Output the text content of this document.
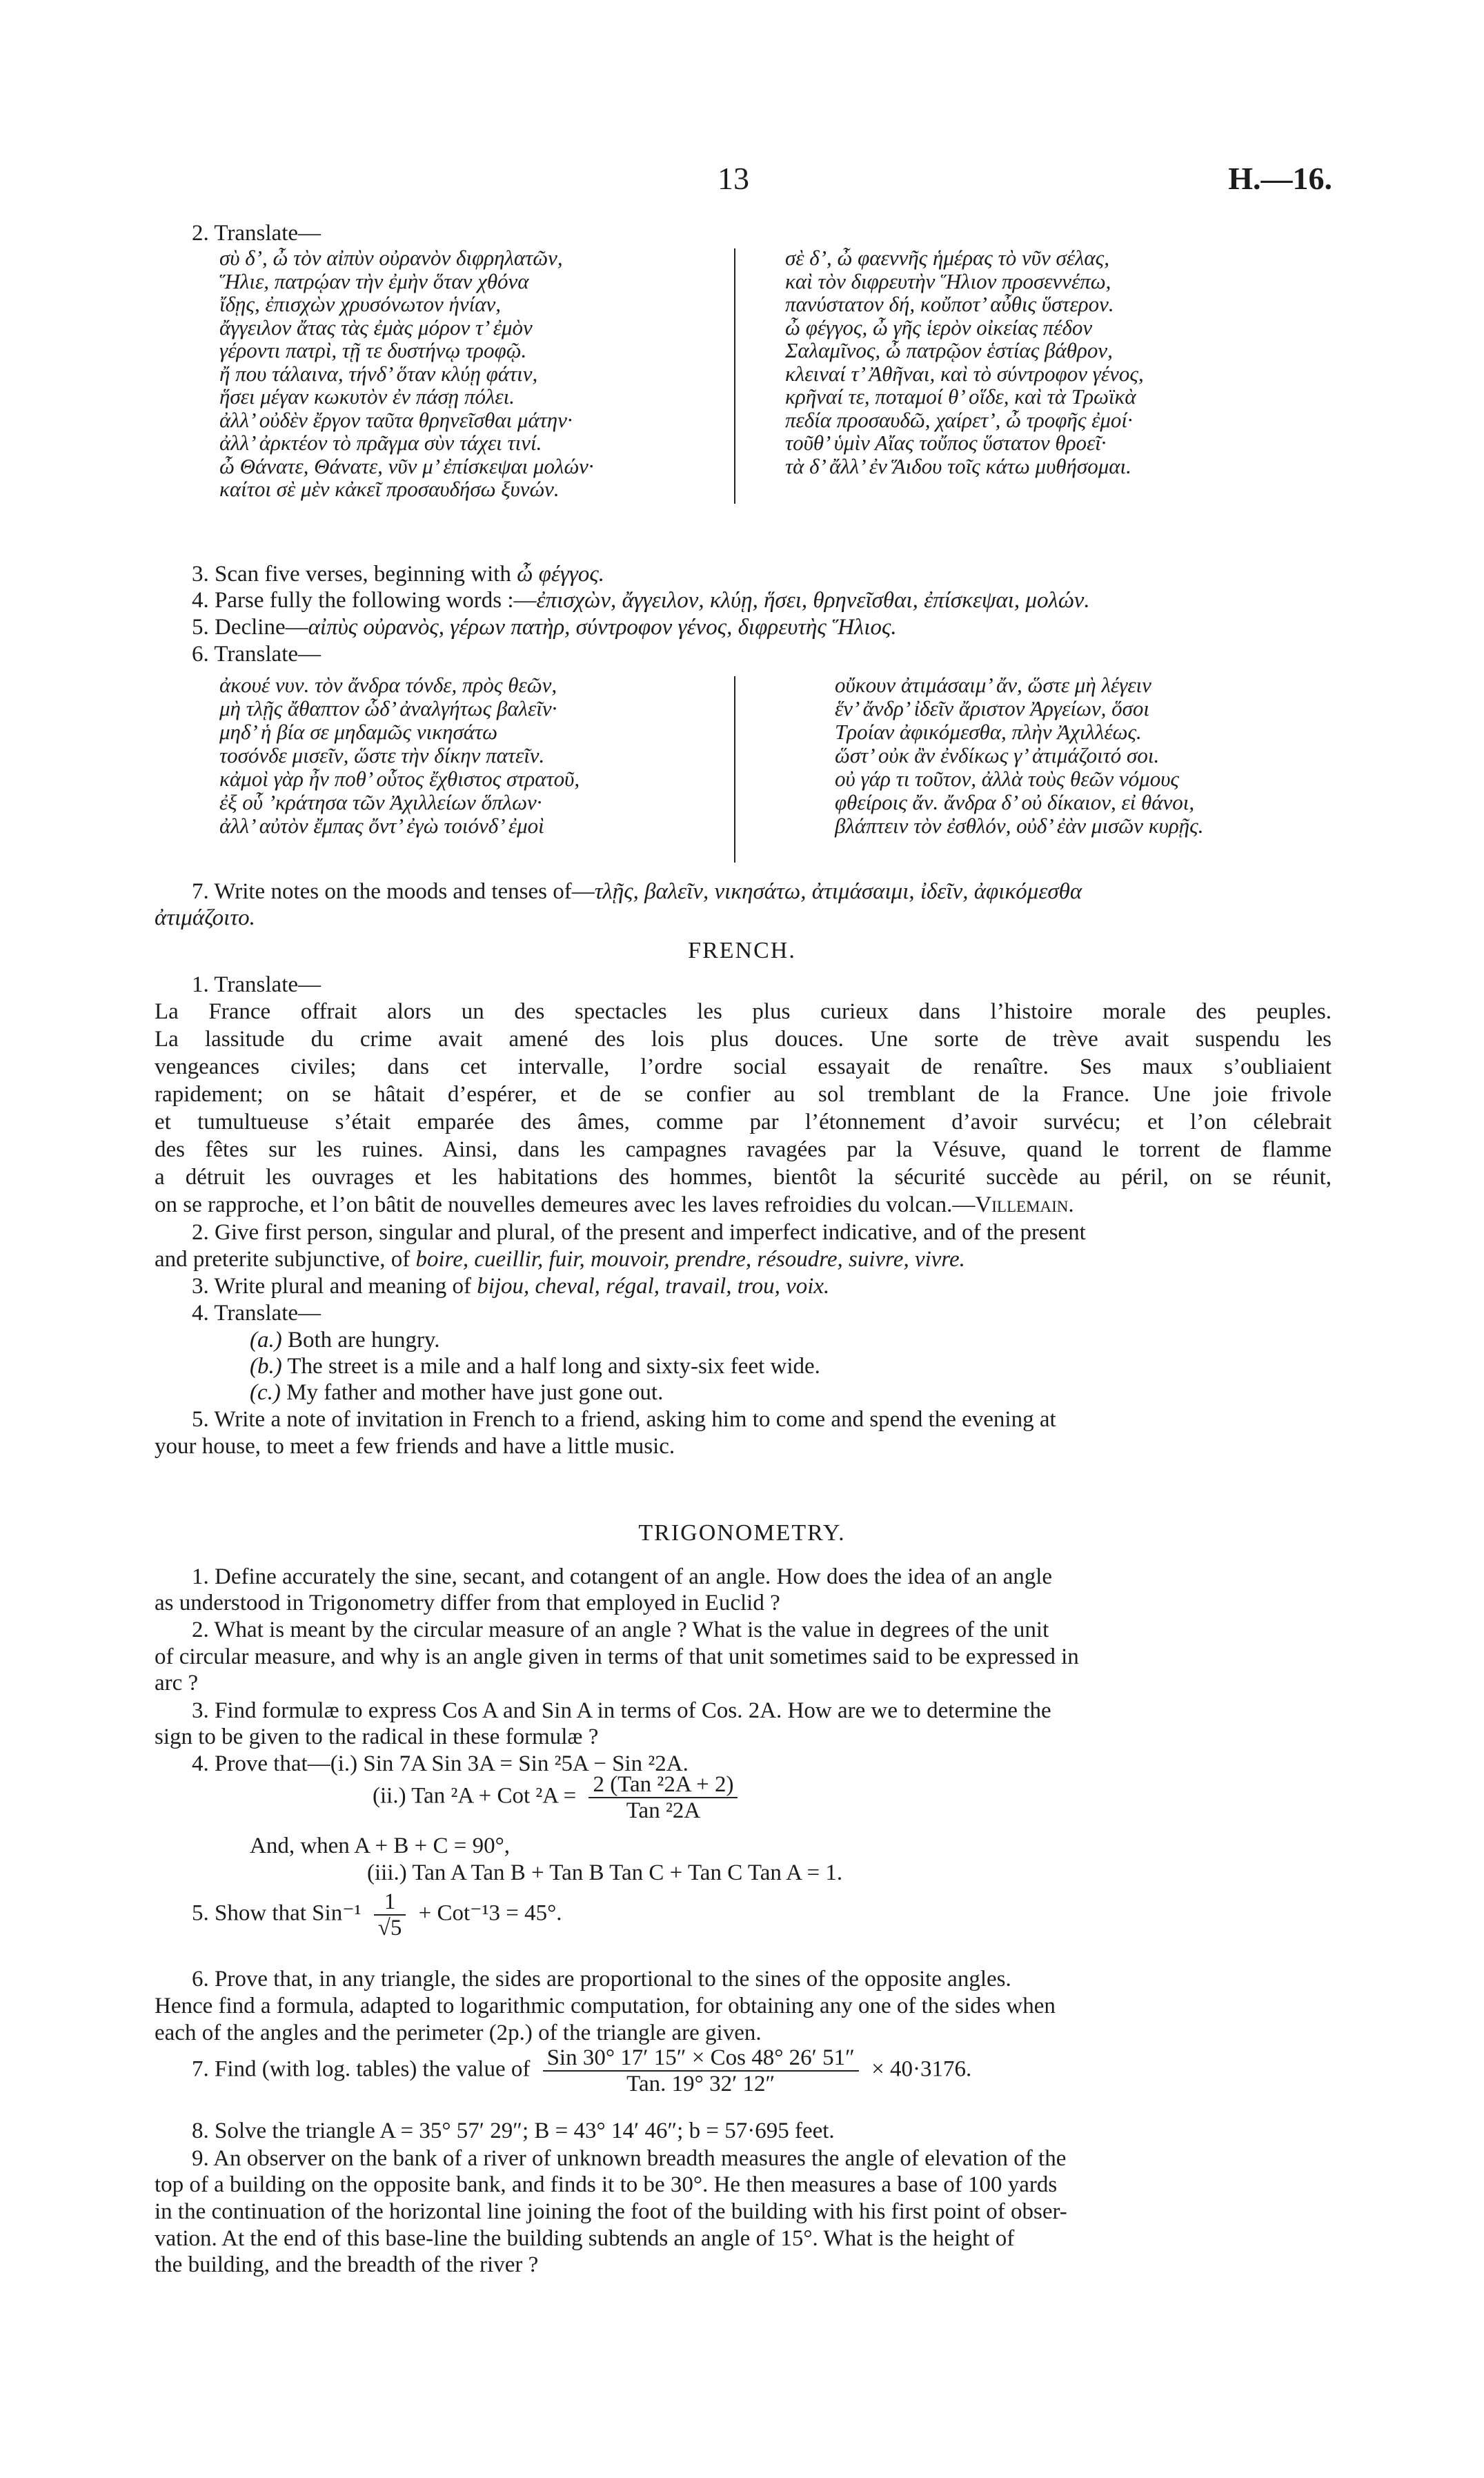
13	H.—16.
2. Translate—
σὺ δ’, ὦ τὸν αἰπὺν οὐρανὸν διφρηλατῶν,
Ἥλιε, πατρῴαν τὴν ἐμὴν ὅταν χθόνα
ἴδῃς, ἐπισχὼν χρυσόνωτον ἡνίαν,
ἄγγειλον ἄτας τὰς ἐμὰς μόρον τ’ ἐμὸν
γέροντι πατρὶ, τῇ τε δυστήνῳ τροφῷ.
ἤ που τάλαινα, τήνδ’ ὅταν κλύῃ φάτιν,
ἥσει μέγαν κωκυτὸν ἐν πάσῃ πόλει.
ἀλλ’ οὐδὲν ἔργον ταῦτα θρηνεῖσθαι μάτην·
ἀλλ’ ἀρκτέον τὸ πρᾶγμα σὺν τάχει τινί.
ὦ Θάνατε, Θάνατε, νῦν μ’ ἐπίσκεψαι μολών·
καίτοι σὲ μὲν κἀκεῖ προσαυδήσω ξυνών.
σὲ δ’, ὦ φαεννῆς ἡμέρας τὸ νῦν σέλας,
καὶ τὸν διφρευτὴν Ἥλιον προσεννέπω,
πανύστατον δή, κοὔποτ’ αὖθις ὕστερον.
ὦ φέγγος, ὦ γῆς ἱερὸν οἰκείας πέδον
Σαλαμῖνος, ὦ πατρῷον ἑστίας βάθρον,
κλειναί τ’ Ἀθῆναι, καὶ τὸ σύντροφον γένος,
κρῆναί τε, ποταμοί θ’ οἵδε, καὶ τὰ Τρωϊκὰ
πεδία προσαυδῶ, χαίρετ’, ὦ τροφῆς ἐμοί·
τοῦθ’ ὑμὶν Αἴας τοὔπος ὕστατον θροεῖ·
τὰ δ’ ἄλλ’ ἐν Ἅιδου τοῖς κάτω μυθήσομαι.
3. Scan five verses, beginning with ὦ φέγγος.
4. Parse fully the following words :—ἐπισχὼν, ἄγγειλον, κλύῃ, ἥσει, θρηνεῖσθαι, ἐπίσκεψαι, μολών.
5. Decline—αἰπὺς οὐρανὸς, γέρων πατὴρ, σύντροφον γένος, διφρευτὴς Ἥλιος.
6. Translate—
ἀκουέ νυν. τὸν ἄνδρα τόνδε, πρὸς θεῶν,
μὴ τλῇς ἄθαπτον ὧδ’ ἀναλγήτως βαλεῖν·
μηδ’ ἡ βία σε μηδαμῶς νικησάτω
τοσόνδε μισεῖν, ὥστε τὴν δίκην πατεῖν.
κἀμοὶ γὰρ ἦν ποθ’ οὗτος ἔχθιστος στρατοῦ,
ἐξ οὗ ’κράτησα τῶν Ἀχιλλείων ὅπλων·
ἀλλ’ αὐτὸν ἔμπας ὄντ’ ἐγὼ τοιόνδ’ ἐμοὶ
οὔκουν ἀτιμάσαιμ’ ἄν, ὥστε μὴ λέγειν
ἕν’ ἄνδρ’ ἰδεῖν ἄριστον Ἀργείων, ὅσοι
Τροίαν ἀφικόμεσθα, πλὴν Ἀχιλλέως.
ὥστ’ οὐκ ἂν ἐνδίκως γ’ ἀτιμάζοιτό σοι.
οὐ γάρ τι τοῦτον, ἀλλὰ τοὺς θεῶν νόμους
φθείροις ἄν. ἄνδρα δ’ οὐ δίκαιον, εἰ θάνοι,
βλάπτειν τὸν ἐσθλόν, οὐδ’ ἐὰν μισῶν κυρῇς.
7. Write notes on the moods and tenses of—τλῇς, βαλεῖν, νικησάτω, ἀτιμάσαιμι, ἰδεῖν, ἀφικόμεσθα
ἀτιμάζοιτο.
FRENCH.
1. Translate—
La France offrait alors un des spectacles les plus curieux dans l’histoire morale des peuples.
La lassitude du crime avait amené des lois plus douces. Une sorte de trève avait suspendu les
vengeances civiles; dans cet intervalle, l’ordre social essayait de renaître. Ses maux s’oubliaient
rapidement; on se hâtait d’espérer, et de se confier au sol tremblant de la France. Une joie frivole
et tumultueuse s’était emparée des âmes, comme par l’étonnement d’avoir survécu; et l’on célebrait
des fêtes sur les ruines. Ainsi, dans les campagnes ravagées par la Vésuve, quand le torrent de flamme
a détruit les ouvrages et les habitations des hommes, bientôt la sécurité succède au péril, on se réunit,
on se rapproche, et l’on bâtit de nouvelles demeures avec les laves refroidies du volcan.—Villemain.
2. Give first person, singular and plural, of the present and imperfect indicative, and of the present
and preterite subjunctive, of boire, cueillir, fuir, mouvoir, prendre, résoudre, suivre, vivre.
3. Write plural and meaning of bijou, cheval, régal, travail, trou, voix.
4. Translate—
(a.) Both are hungry.
(b.) The street is a mile and a half long and sixty-six feet wide.
(c.) My father and mother have just gone out.
5. Write a note of invitation in French to a friend, asking him to come and spend the evening at
your house, to meet a few friends and have a little music.
TRIGONOMETRY.
1. Define accurately the sine, secant, and cotangent of an angle. How does the idea of an angle
as understood in Trigonometry differ from that employed in Euclid ?
2. What is meant by the circular measure of an angle ? What is the value in degrees of the unit
of circular measure, and why is an angle given in terms of that unit sometimes said to be expressed in
arc ?
3. Find formulæ to express Cos A and Sin A in terms of Cos. 2A. How are we to determine the
sign to be given to the radical in these formulæ ?
4. Prove that—(i.) Sin 7A Sin 3A = Sin ²5A − Sin ²2A.
(ii.) Tan ²A + Cot $^2A = \frac{\text{2 (Tan ²2A + 2)}}{\text{Tan ²2A}}$
And, when A + B + C = 90°,
(iii.) Tan A Tan B + Tan B Tan C + Tan C Tan A = 1.
5. Show that $Sin^{-1} \frac{1}{√5} + Cot^{-1}3 = 45^\circ$.
6. Prove that, in any triangle, the sides are proportional to the sines of the opposite angles.
Hence find a formula, adapted to logarithmic computation, for obtaining any one of the sides when
each of the angles and the perimeter (2p.) of the triangle are given.
7. Find (with log. tables) the value of $\frac{\text{Sin 30° 17′ 15″ × Cos 48° 26′ 51″}}{\text{Tan. 19° 32′ 12″}} \times 40\cdot 3176$.
8. Solve the triangle A = 35° 57′ 29″; B = 43° 14′ 46″; b = 57·695 feet.
9. An observer on the bank of a river of unknown breadth measures the angle of elevation of the
top of a building on the opposite bank, and finds it to be 30°. He then measures a base of 100 yards
in the continuation of the horizontal line joining the foot of the building with his first point of obser-
vation. At the end of this base-line the building subtends an angle of 15°. What is the height of
the building, and the breadth of the river ?
